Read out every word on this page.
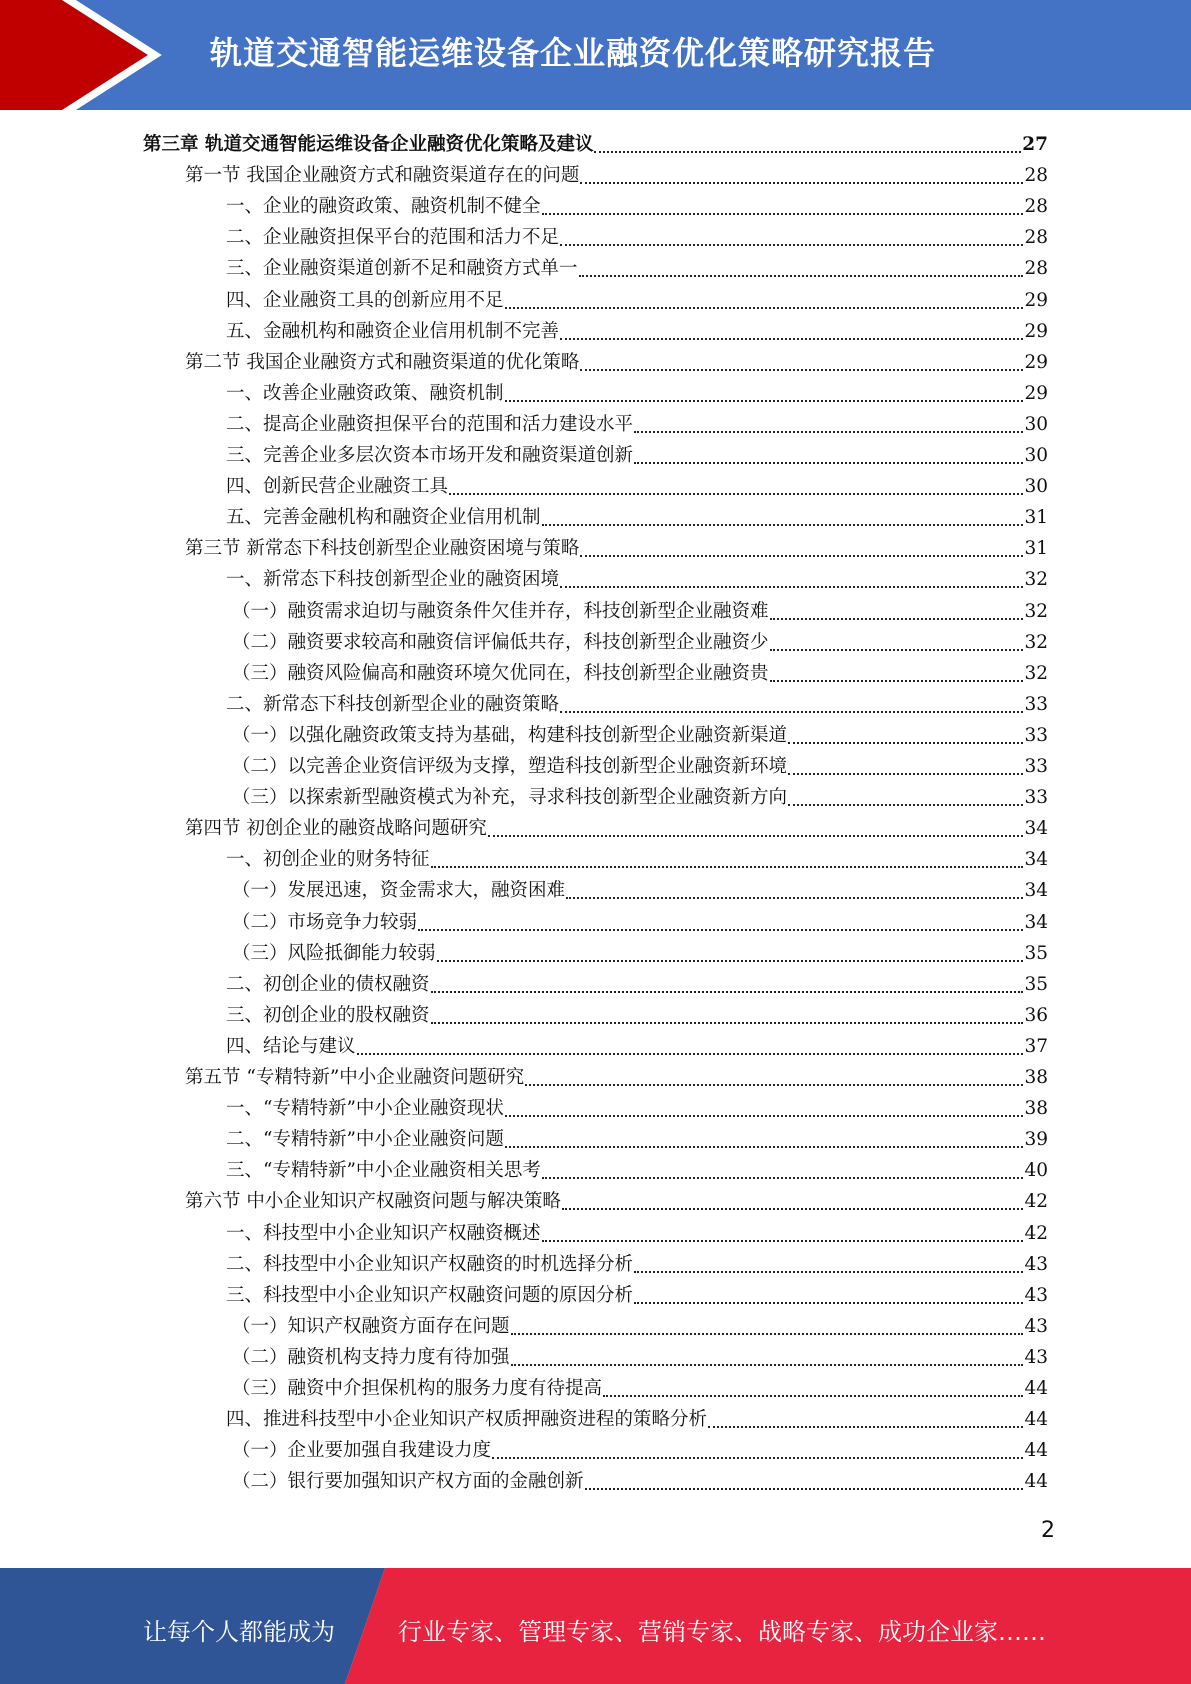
轨道交通智能运维设备企业融资优化策略研究报告
第三章 轨道交通智能运维设备企业融资优化策略及建议	27
第一节 我国企业融资方式和融资渠道存在的问题	28
一、企业的融资政策、融资机制不健全	28
二、企业融资担保平台的范围和活力不足	28
三、企业融资渠道创新不足和融资方式单一	28
四、企业融资工具的创新应用不足	29
五、金融机构和融资企业信用机制不完善	29
第二节 我国企业融资方式和融资渠道的优化策略	29
一、改善企业融资政策、融资机制	29
二、提高企业融资担保平台的范围和活力建设水平	30
三、完善企业多层次资本市场开发和融资渠道创新	30
四、创新民营企业融资工具	30
五、完善金融机构和融资企业信用机制	31
第三节 新常态下科技创新型企业融资困境与策略	31
一、新常态下科技创新型企业的融资困境	32
（一）融资需求迫切与融资条件欠佳并存，科技创新型企业融资难	32
（二）融资要求较高和融资信评偏低共存，科技创新型企业融资少	32
（三）融资风险偏高和融资环境欠优同在，科技创新型企业融资贵	32
二、新常态下科技创新型企业的融资策略	33
（一）以强化融资政策支持为基础，构建科技创新型企业融资新渠道	33
（二）以完善企业资信评级为支撑，塑造科技创新型企业融资新环境	33
（三）以探索新型融资模式为补充，寻求科技创新型企业融资新方向	33
第四节 初创企业的融资战略问题研究	34
一、初创企业的财务特征	34
（一）发展迅速，资金需求大，融资困难	34
（二）市场竞争力较弱	34
（三）风险抵御能力较弱	35
二、初创企业的债权融资	35
三、初创企业的股权融资	36
四、结论与建议	37
第五节 “专精特新”中小企业融资问题研究	38
一、“专精特新”中小企业融资现状	38
二、“专精特新”中小企业融资问题	39
三、“专精特新”中小企业融资相关思考	40
第六节 中小企业知识产权融资问题与解决策略	42
一、科技型中小企业知识产权融资概述	42
二、科技型中小企业知识产权融资的时机选择分析	43
三、科技型中小企业知识产权融资问题的原因分析	43
（一）知识产权融资方面存在问题	43
（二）融资机构支持力度有待加强	43
（三）融资中介担保机构的服务力度有待提高	44
四、推进科技型中小企业知识产权质押融资进程的策略分析	44
（一）企业要加强自我建设力度	44
（二）银行要加强知识产权方面的金融创新	44
2
让每个人都能成为	行业专家、管理专家、营销专家、战略专家、成功企业家……
